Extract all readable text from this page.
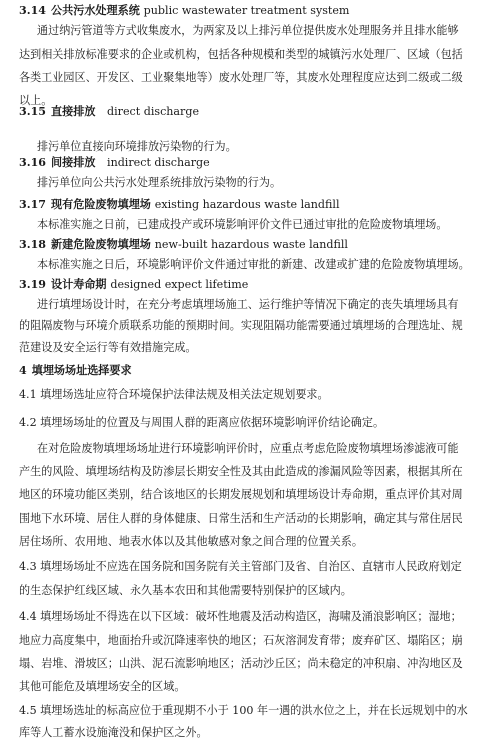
3.14 公共污水处理系统 public wastewater treatment system
通过纳污管道等方式收集废水，为两家及以上排污单位提供废水处理服务并且排水能够
达到相关排放标准要求的企业或机构，包括各种规模和类型的城镇污水处理厂、区域（包括
各类工业园区、开发区、工业聚集地等）废水处理厂等，其废水处理程度应达到二级或二级
以上。
3.15 直接排放 direct discharge
排污单位直接向环境排放污染物的行为。
3.16 间接排放 indirect discharge
排污单位向公共污水处理系统排放污染物的行为。
3.17 现有危险废物填埋场 existing hazardous waste landfill
本标准实施之日前，已建成投产或环境影响评价文件已通过审批的危险废物填埋场。
3.18 新建危险废物填埋场 new-built hazardous waste landfill
本标准实施之日后，环境影响评价文件通过审批的新建、改建或扩建的危险废物填埋场。
3.19 设计寿命期 designed expect lifetime
进行填埋场设计时，在充分考虑填埋场施工、运行维护等情况下确定的丧失填埋场具有
的阻隔废物与环境介质联系功能的预期时间。实现阻隔功能需要通过填埋场的合理选址、规
范建设及安全运行等有效措施完成。
4 填埋场场址选择要求
4.1 填埋场选址应符合环境保护法律法规及相关法定规划要求。
4.2 填埋场场址的位置及与周围人群的距离应依据环境影响评价结论确定。
在对危险废物填埋场场址进行环境影响评价时，应重点考虑危险废物填埋场渗滤液可能
产生的风险、填埋场结构及防渗层长期安全性及其由此造成的渗漏风险等因素，根据其所在
地区的环境功能区类别，结合该地区的长期发展规划和填埋场设计寿命期，重点评价其对周
围地下水环境、居住人群的身体健康、日常生活和生产活动的长期影响，确定其与常住居民
居住场所、农用地、地表水体以及其他敏感对象之间合理的位置关系。
4.3 填埋场场址不应选在国务院和国务院有关主管部门及省、自治区、直辖市人民政府划定
的生态保护红线区域、永久基本农田和其他需要特别保护的区域内。
4.4 填埋场场址不得选在以下区域：破坏性地震及活动构造区，海啸及涌浪影响区；湿地；
地应力高度集中，地面抬升或沉降速率快的地区；石灰溶洞发育带；废弃矿区、塌陷区；崩
塌、岩堆、滑坡区；山洪、泥石流影响地区；活动沙丘区；尚未稳定的冲积扇、冲沟地区及
其他可能危及填埋场安全的区域。
4.5 填埋场选址的标高应位于重现期不小于 100 年一遇的洪水位之上，并在长远规划中的水
库等人工蓄水设施淹没和保护区之外。
